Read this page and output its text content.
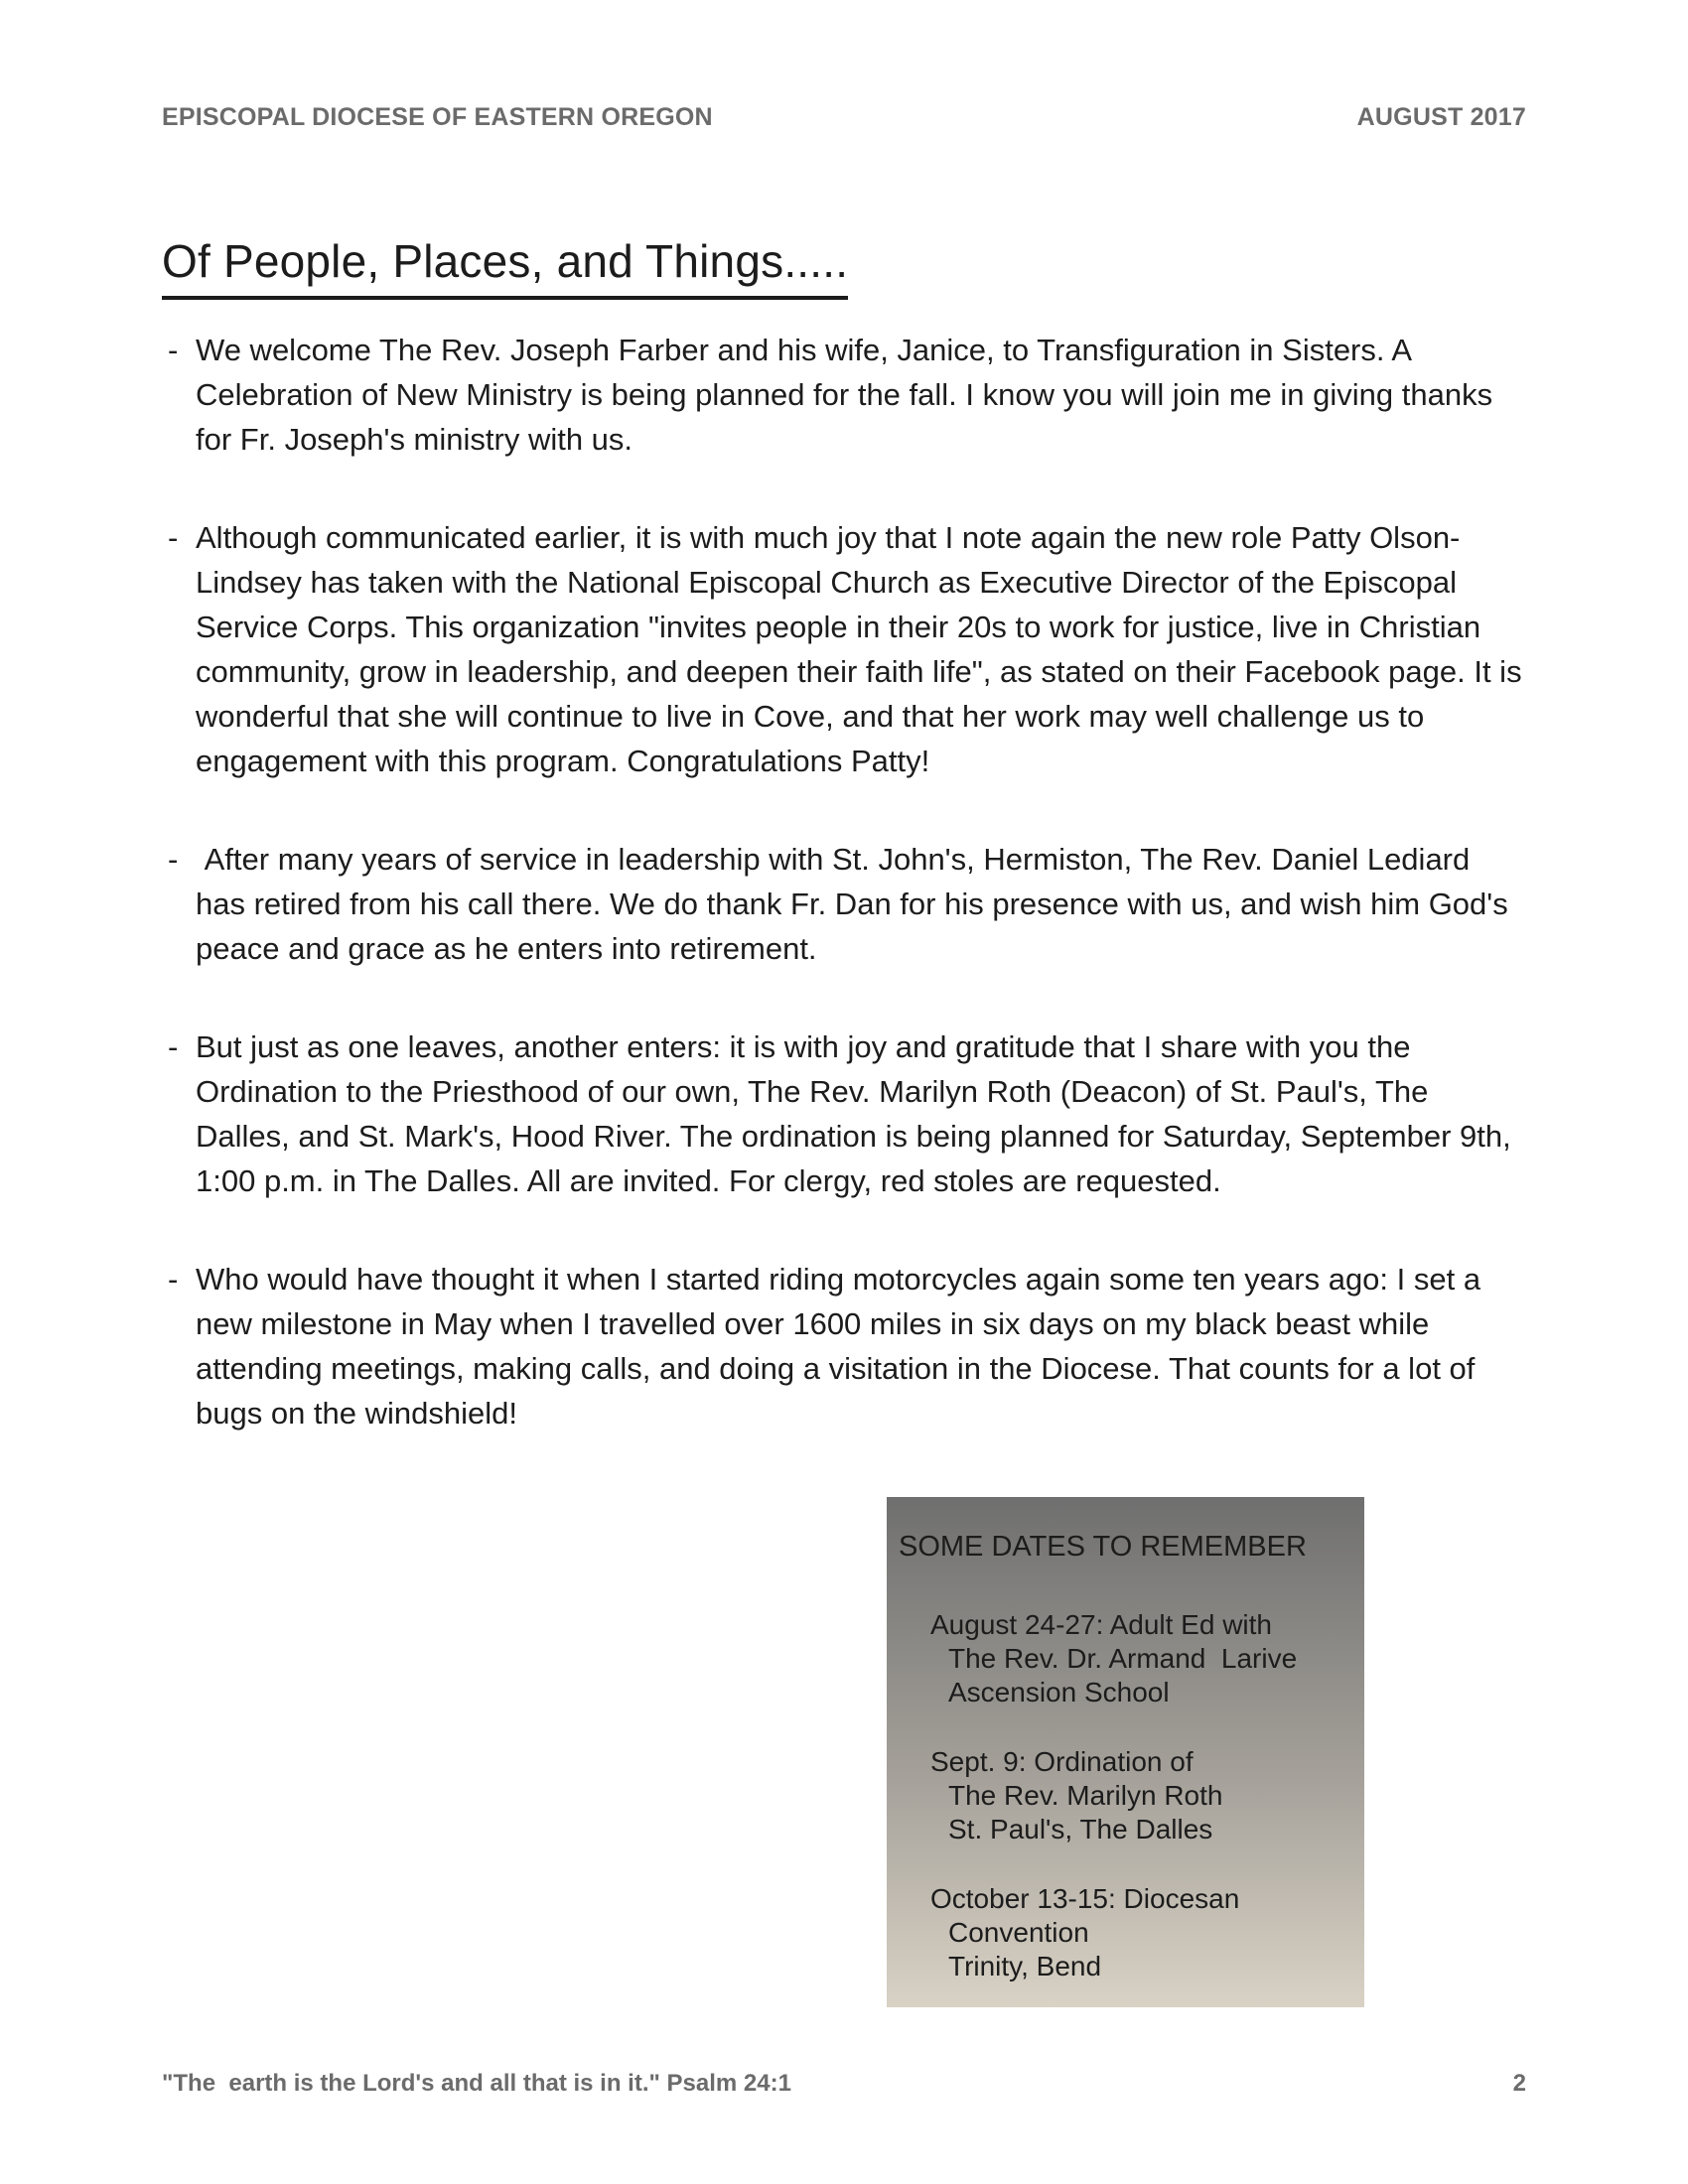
EPISCOPAL DIOCESE OF EASTERN OREGON	AUGUST 2017
Of People, Places, and Things.....
- We welcome The Rev. Joseph Farber and his wife, Janice, to Transfiguration in Sisters. A Celebration of New Ministry is being planned for the fall. I know you will join me in giving thanks for Fr. Joseph's ministry with us.
- Although communicated earlier, it is with much joy that I note again the new role Patty Olson-Lindsey has taken with the National Episcopal Church as Executive Director of the Episcopal Service Corps. This organization "invites people in their 20s to work for justice, live in Christian community, grow in leadership, and deepen their faith life", as stated on their Facebook page. It is wonderful that she will continue to live in Cove, and that her work may well challenge us to engagement with this program. Congratulations Patty!
- After many years of service in leadership with St. John's, Hermiston, The Rev. Daniel Lediard has retired from his call there. We do thank Fr. Dan for his presence with us, and wish him God's peace and grace as he enters into retirement.
- But just as one leaves, another enters: it is with joy and gratitude that I share with you the Ordination to the Priesthood of our own, The Rev. Marilyn Roth (Deacon) of St. Paul's, The Dalles, and St. Mark's, Hood River. The ordination is being planned for Saturday, September 9th, 1:00 p.m. in The Dalles. All are invited. For clergy, red stoles are requested.
- Who would have thought it when I started riding motorcycles again some ten years ago: I set a new milestone in May when I travelled over 1600 miles in six days on my black beast while attending meetings, making calls, and doing a visitation in the Diocese. That counts for a lot of bugs on the windshield!
SOME DATES TO REMEMBER
August 24-27: Adult Ed with
The Rev. Dr. Armand  Larive
Ascension School
Sept. 9: Ordination of
The Rev. Marilyn Roth
St. Paul's, The Dalles
October 13-15: Diocesan
Convention
Trinity, Bend
"The  earth is the Lord's and all that is in it." Psalm 24:1	2
